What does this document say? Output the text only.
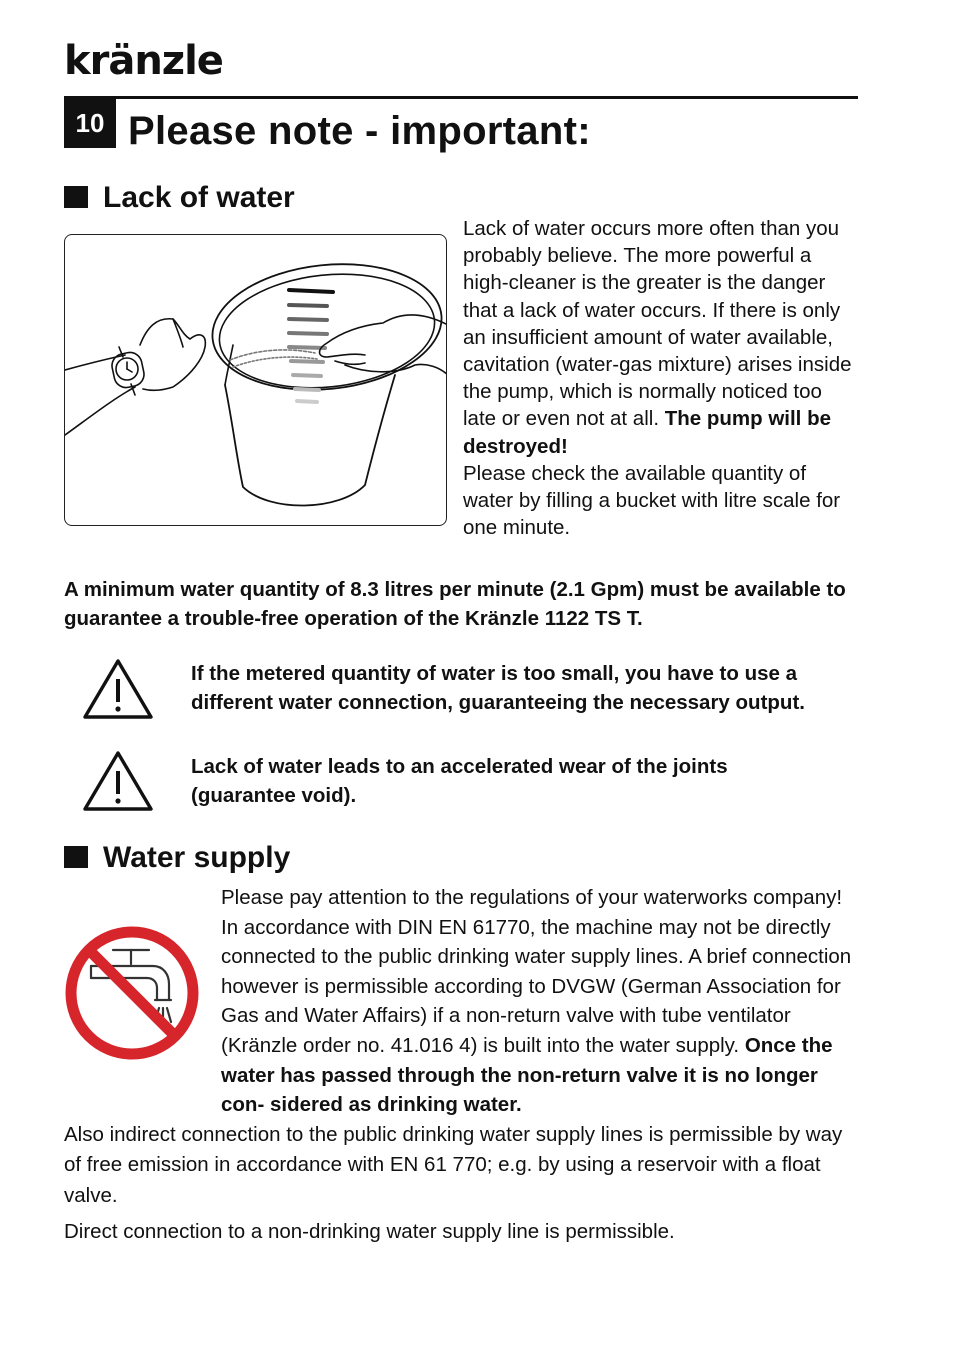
kränzle
10 Please note - important:
Lack of water
Lack of water occurs more often than you probably believe. The more powerful a high-cleaner is the greater is the danger that a lack of water occurs. If there is only an insufficient amount of water available, cavitation (water-gas mixture) arises inside the pump, which is normally noticed too late or even not at all. The pump will be destroyed!
Please check the available quantity of water by filling a bucket with litre scale for one minute.
A minimum water quantity of 8.3 litres per minute (2.1 Gpm) must be available to guarantee a trouble-free operation of the Kränzle 1122 TS T.
If the metered quantity of water is too small, you have to use a different water connection, guaranteeing the necessary output.
Lack of water leads to an accelerated wear of the joints (guarantee void).
Water supply
Please pay attention to the regulations of your waterworks company! In accordance with DIN EN 61770, the machine may not be directly connected to the public drinking water supply lines. A brief connection however is permissible according to DVGW (German Association for Gas and Water Affairs) if a non-return valve with tube ventilator (Kränzle order no. 41.016 4) is built into the water supply. Once the water has passed through the non-return valve it is no longer con- sidered as drinking water.
Also indirect connection to the public drinking water supply lines is permissible by way of free emission in accordance with EN 61 770; e.g. by using a reservoir with a float valve.
Direct connection to a non-drinking water supply line is permissible.
